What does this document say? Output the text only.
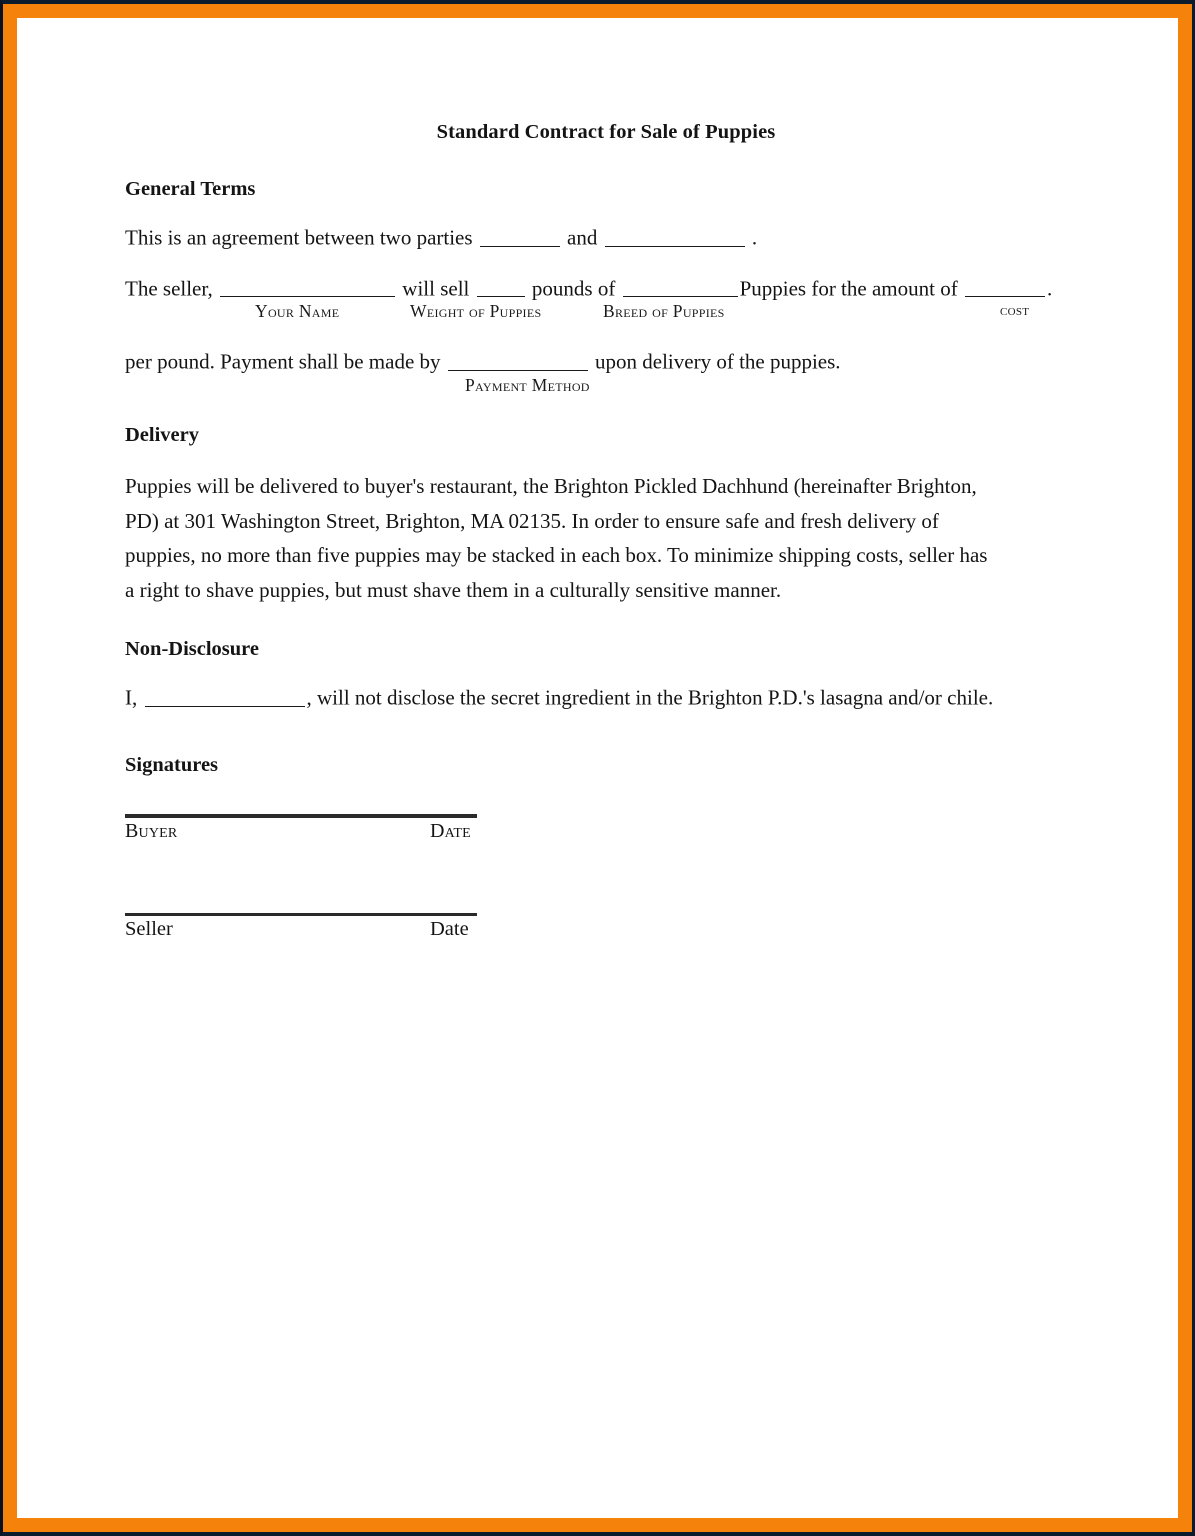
Standard Contract for Sale of Puppies
General Terms
This is an agreement between two parties	and	.
The seller,	will sell	pounds of	Puppies for the amount of	.
Your Name	Weight of Puppies	Breed of Puppies	cost
per pound. Payment shall be made by	upon delivery of the puppies.
Payment Method
Delivery
Puppies will be delivered to buyer's restaurant, the Brighton Pickled Dachhund (hereinafter Brighton,
PD) at 301 Washington Street, Brighton, MA 02135. In order to ensure safe and fresh delivery of
puppies, no more than five puppies may be stacked in each box. To minimize shipping costs, seller has
a right to shave puppies, but must shave them in a culturally sensitive manner.
Non-Disclosure
I,	, will not disclose the secret ingredient in the Brighton P.D.'s lasagna and/or chile.
Signatures
Buyer	Date
Seller	Date
